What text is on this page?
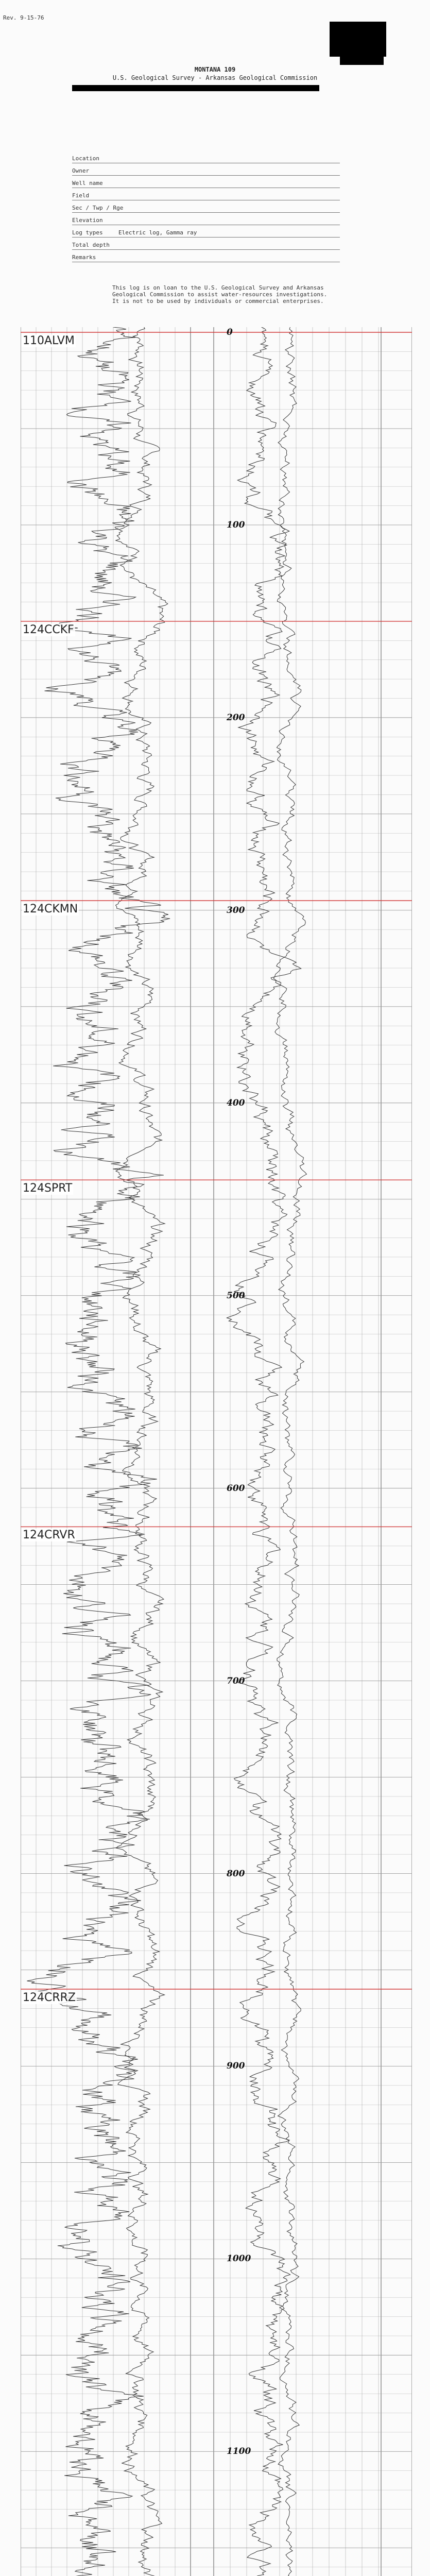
Rev. 9-15-76
MONTANA 109
U.S. Geological Survey - Arkansas Geological Commission
Location
Owner
Well name
Field
Sec / Twp / Rge
Elevation
Log types	Electric log, Gamma ray
Total depth
Remarks
This log is on loan to the U.S. Geological Survey and Arkansas
Geological Commission to assist water-resources investigations.
It is not to be used by individuals or commercial enterprises.
110ALVM
124CCKF
124CKMN
124SPRT
124CRVR
124CRRZ
0
100
200
300
400
500
600
700
800
900
1000
1100
